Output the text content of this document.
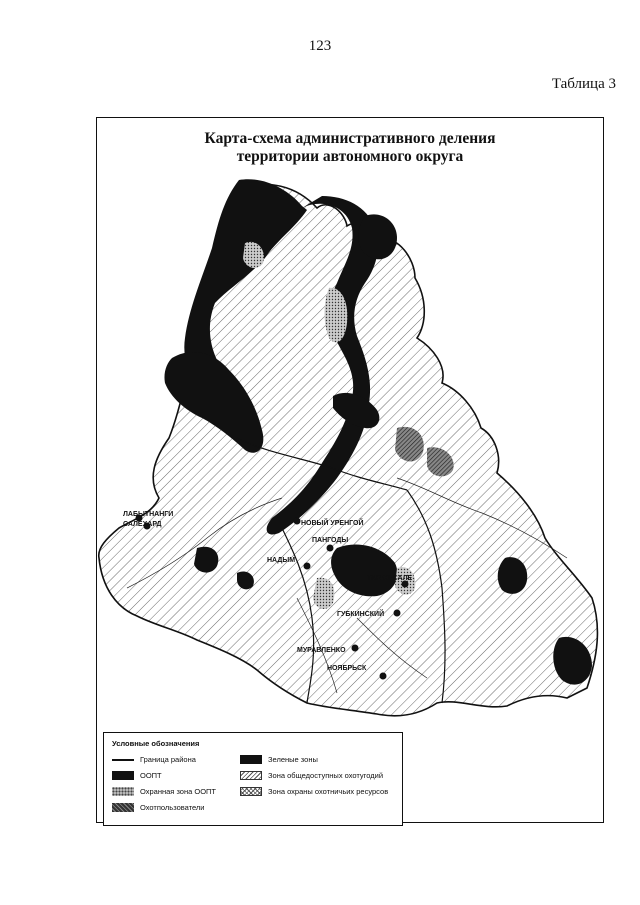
123
Таблица 3
Карта-схема административного деления
территории автономного округа
ЛАБЫТНАНГИ
САЛЕХАРД	НОВЫЙ УРЕНГОЙ
НАДЫМ
ПАНГОДЫ
ТАРКО-САЛЕ
ГУБКИНСКИЙ
МУРАВЛЕНКО
НОЯБРЬСК
Условные обозначения
Граница района
ООПТ
Охранная зона ООПТ
Охотпользователи
Зеленые зоны
Зона общедоступных охотугодий
Зона охраны охотничьих ресурсов
